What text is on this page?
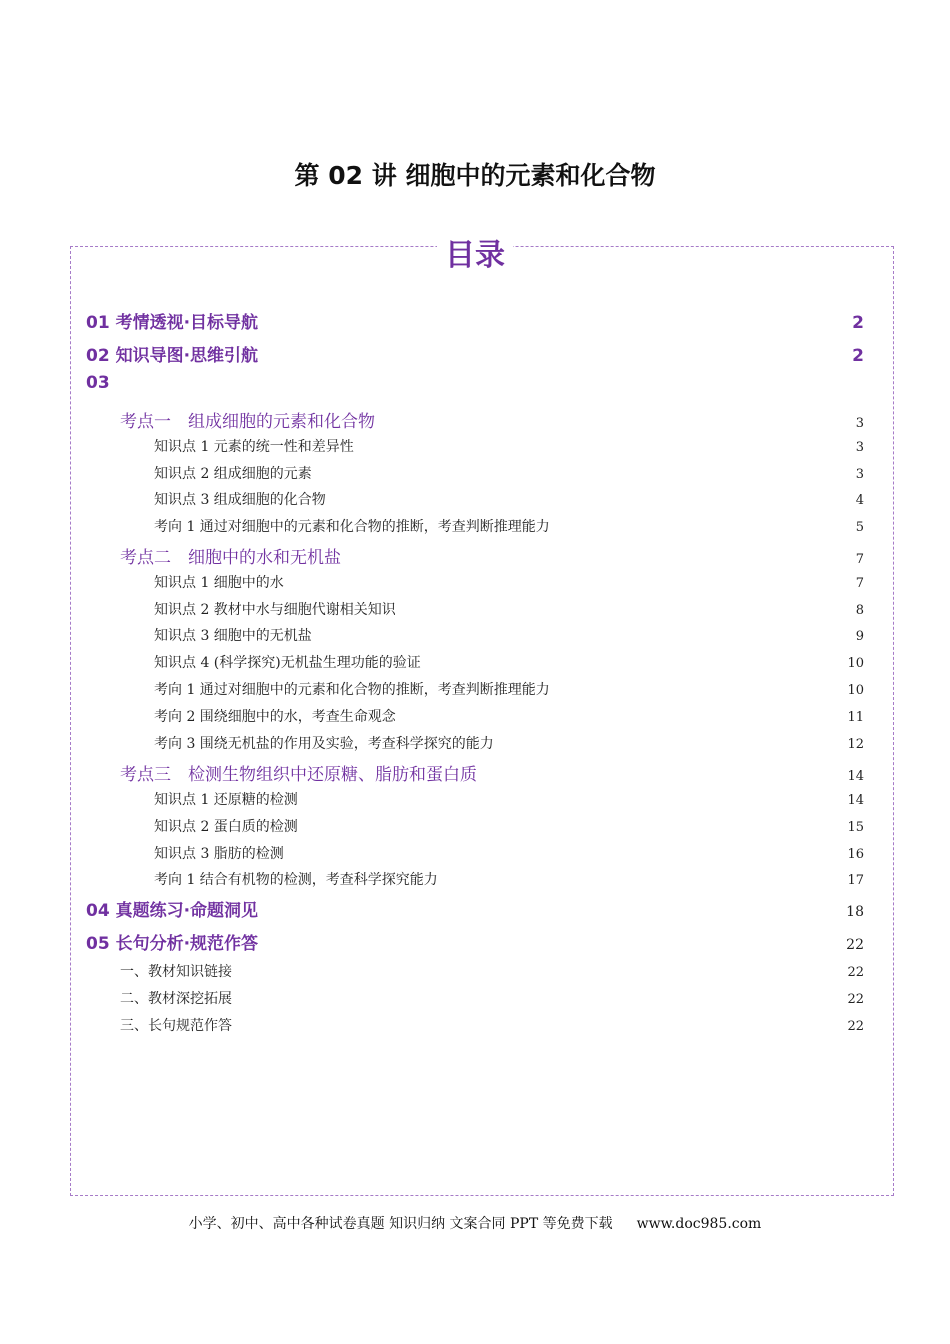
第 02 讲 细胞中的元素和化合物
目录
01 考情透视·目标导航	2
02 知识导图·思维引航	2
03
考点一　组成细胞的元素和化合物	3
知识点 1 元素的统一性和差异性	3
知识点 2 组成细胞的元素	3
知识点 3 组成细胞的化合物	4
考向 1 通过对细胞中的元素和化合物的推断，考查判断推理能力	5
考点二　细胞中的水和无机盐	7
知识点 1 细胞中的水	7
知识点 2 教材中水与细胞代谢相关知识	8
知识点 3 细胞中的无机盐	9
知识点 4 (科学探究)无机盐生理功能的验证	10
考向 1 通过对细胞中的元素和化合物的推断，考查判断推理能力	10
考向 2 围绕细胞中的水，考查生命观念	11
考向 3 围绕无机盐的作用及实验，考查科学探究的能力	12
考点三　检测生物组织中还原糖、脂肪和蛋白质	14
知识点 1 还原糖的检测	14
知识点 2 蛋白质的检测	15
知识点 3 脂肪的检测	16
考向 1 结合有机物的检测，考查科学探究能力	17
04 真题练习·命题洞见	18
05 长句分析·规范作答	22
一、教材知识链接	22
二、教材深挖拓展	22
三、长句规范作答	22
小学、初中、高中各种试卷真题 知识归纳 文案合同 PPT 等免费下载 www.doc985.com
